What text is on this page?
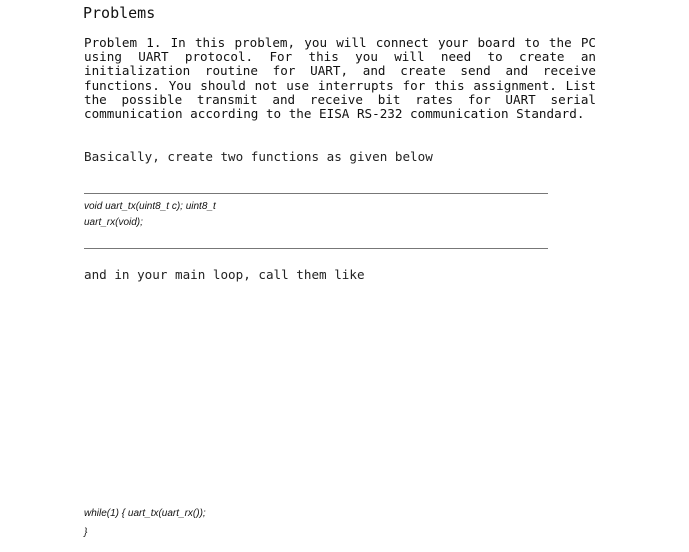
Problems

Problem 1. In this problem, you will connect your board to the PC using UART protocol. For this you will need to create an initialization routine for UART, and create send and receive functions. You should not use interrupts for this assignment. List the possible transmit and receive bit rates for UART serial communication according to the EISA RS-232 communication Standard.

Basically, create two functions as given below

void uart_tx(uint8_t c); uint8_t

uart_rx(void);

and in your main loop, call them like

while(1) { uart_tx(uart_rx());

}
